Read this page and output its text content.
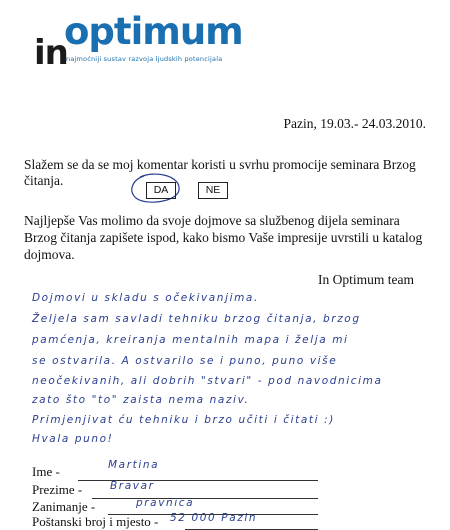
in
optimum
najmoćniji sustav razvoja ljudskih potencijala
Pazin, 19.03.- 24.03.2010.
Slažem se da se moj komentar koristi u svrhu promocije seminara Brzog čitanja.
DA	NE
Najljepše Vas molimo da svoje dojmove sa službenog dijela seminara Brzog čitanja zapišete ispod, kako bismo Vaše impresije uvrstili u katalog dojmova.
In Optimum team
Dojmovi u skladu s očekivanjima.
Željela sam savladi tehniku brzog čitanja, brzog
pamćenja, kreiranja mentalnih mapa i želja mi
se ostvarila. A ostvarilo se i puno, puno više
neočekivanih, ali dobrih "stvari" - pod navodnicima
zato što "to" zaista nema naziv.
Primjenjivat ću tehniku i brzo učiti i čitati :)
Hvala puno!
Ime -	Martina
Prezime -	Bravar
Zanimanje -	pravnica
Poštanski broj i mjesto - 52 000 Pazin
